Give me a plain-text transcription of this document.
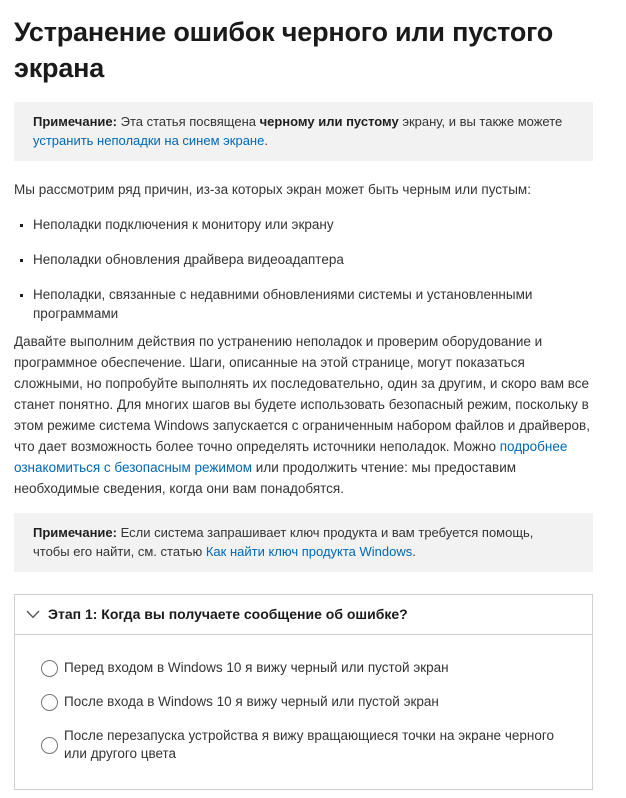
Устранение ошибок черного или пустого экрана

Примечание: Эта статья посвящена черному или пустому экрану, и вы также можете устранить неполадки на синем экране.

Мы рассмотрим ряд причин, из-за которых экран может быть черным или пустым:

▪ Неполадки подключения к монитору или экрану
▪ Неполадки обновления драйвера видеоадаптера
▪ Неполадки, связанные с недавними обновлениями системы и установленными программами

Давайте выполним действия по устранению неполадок и проверим оборудование и программное обеспечение. Шаги, описанные на этой странице, могут показаться сложными, но попробуйте выполнять их последовательно, один за другим, и скоро вам все станет понятно. Для многих шагов вы будете использовать безопасный режим, поскольку в этом режиме система Windows запускается с ограниченным набором файлов и драйверов, что дает возможность более точно определять источники неполадок. Можно подробнее ознакомиться с безопасным режимом или продолжить чтение: мы предоставим необходимые сведения, когда они вам понадобятся.

Примечание: Если система запрашивает ключ продукта и вам требуется помощь, чтобы его найти, см. статью Как найти ключ продукта Windows.

Этап 1: Когда вы получаете сообщение об ошибке?
Перед входом в Windows 10 я вижу черный или пустой экран
После входа в Windows 10 я вижу черный или пустой экран
После перезапуска устройства я вижу вращающиеся точки на экране черного или другого цвета
